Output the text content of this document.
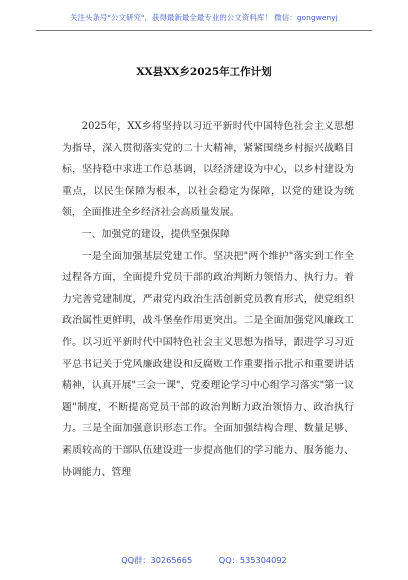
关注头条号"公文研究"，获得最新最全最专业的公文资料库！ 微信：gongwenyj
XX县XX乡2025年工作计划

2025年，XX乡将坚持以习近平新时代中国特色社会主义思想为指导，深入贯彻落实党的二十大精神，紧紧围绕乡村振兴战略目标，坚持稳中求进工作总基调，以经济建设为中心，以乡村建设为重点，以民生保障为根本，以社会稳定为保障，以党的建设为统领，全面推进全乡经济社会高质量发展。

一、加强党的建设，提供坚强保障

一是全面加强基层党建工作。坚决把"两个维护"落实到工作全过程各方面，全面提升党员干部的政治判断力领悟力、执行力。着力完善党建制度，严肃党内政治生活创新党员教育形式，使党组织政治属性更鲜明，战斗堡垒作用更突出。二是全面加强党风廉政工作。以习近平新时代中国特色社会主义思想为指导，跟进学习习近平总书记关于党风廉政建设和反腐败工作重要指示批示和重要讲话精神，认真开展"三会一课"、党委理论学习中心组学习落实"第一议题"制度，不断提高党员干部的政治判断力政治领悟力、政治执行力。三是全面加强意识形态工作。全面加强结构合理、数量足够、素质较高的干部队伍建设进一步提高他们的学习能力、服务能力、协调能力、管理

QQ群：30265665	QQ：535304092
